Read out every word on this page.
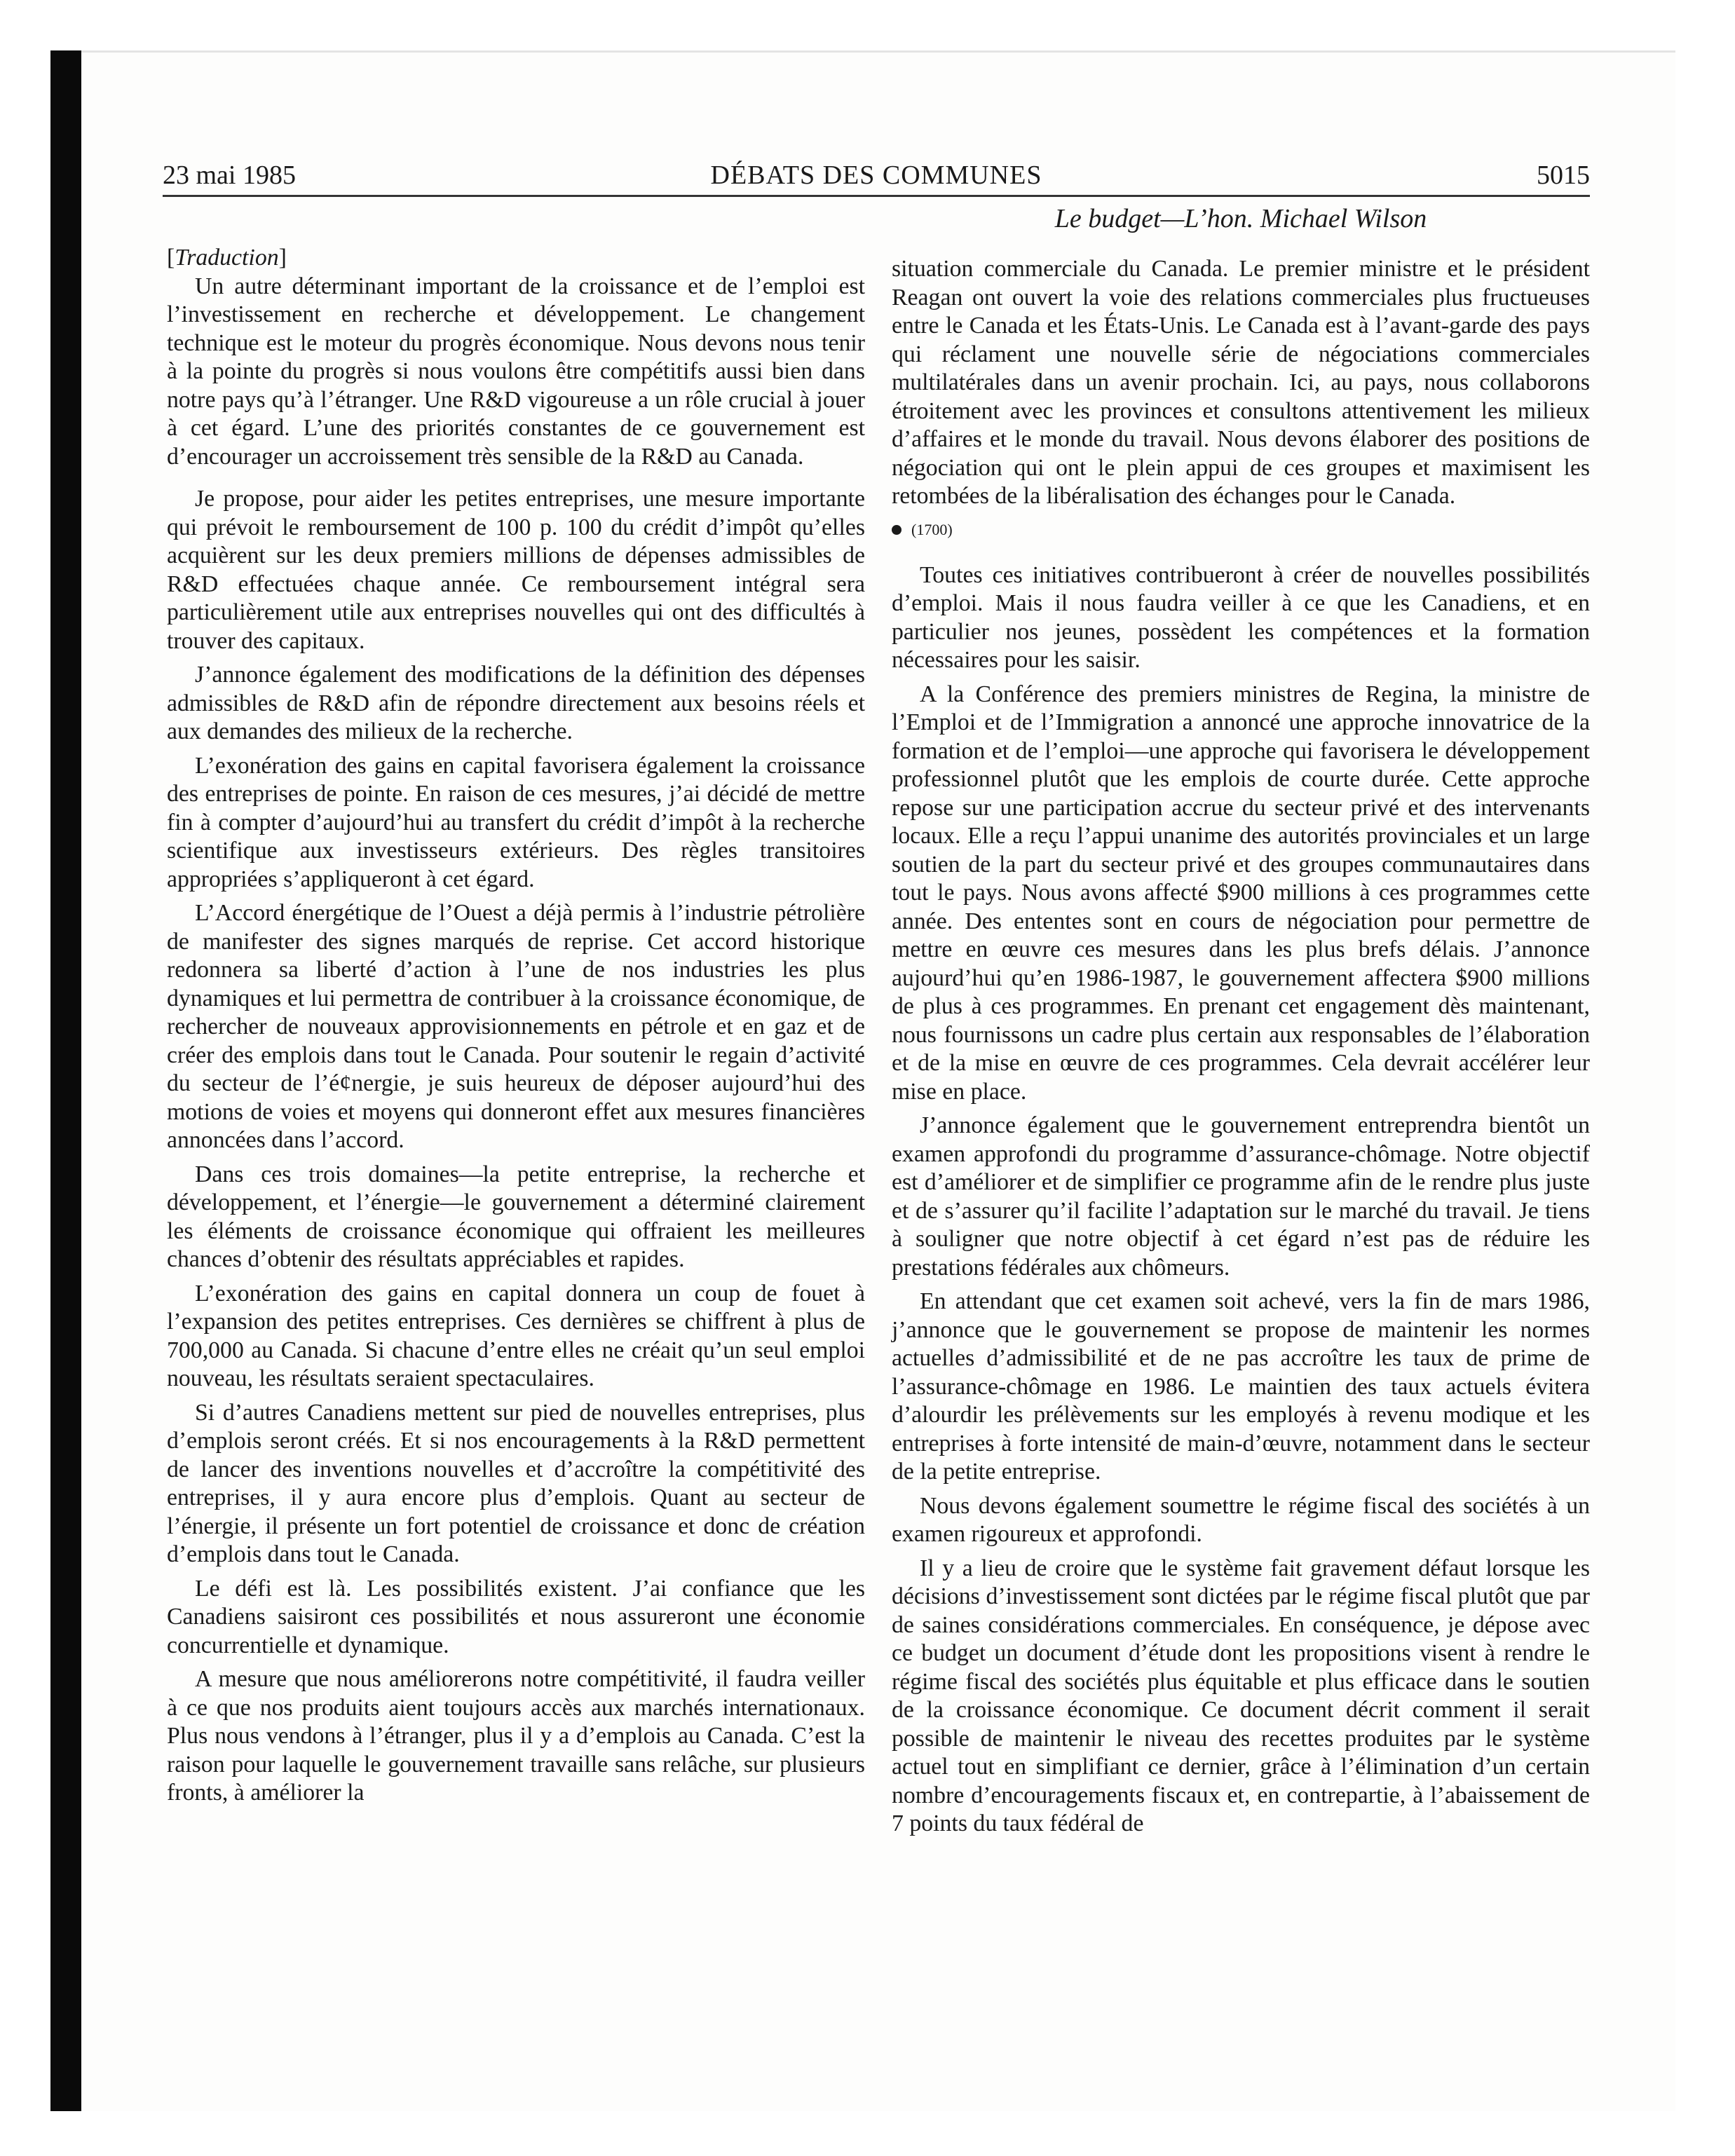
23 mai 1985	DÉBATS DES COMMUNES	5015
Le budget—L’hon. Michael Wilson

[Traduction]

Un autre déterminant important de la croissance et de l’emploi est l’investissement en recherche et développement. Le changement technique est le moteur du progrès économique. Nous devons nous tenir à la pointe du progrès si nous voulons être compétitifs aussi bien dans notre pays qu’à l’étranger. Une R&D vigoureuse a un rôle crucial à jouer à cet égard. L’une des priorités constantes de ce gouvernement est d’encourager un accroissement très sensible de la R&D au Canada.

Je propose, pour aider les petites entreprises, une mesure importante qui prévoit le remboursement de 100 p. 100 du crédit d’impôt qu’elles acquièrent sur les deux premiers millions de dépenses admissibles de R&D effectuées chaque année. Ce remboursement intégral sera particulièrement utile aux entreprises nouvelles qui ont des difficultés à trouver des capitaux.

J’annonce également des modifications de la définition des dépenses admissibles de R&D afin de répondre directement aux besoins réels et aux demandes des milieux de la recherche.

L’exonération des gains en capital favorisera également la croissance des entreprises de pointe. En raison de ces mesures, j’ai décidé de mettre fin à compter d’aujourd’hui au transfert du crédit d’impôt à la recherche scientifique aux investisseurs extérieurs. Des règles transitoires appropriées s’appliqueront à cet égard.

L’Accord énergétique de l’Ouest a déjà permis à l’industrie pétrolière de manifester des signes marqués de reprise. Cet accord historique redonnera sa liberté d’action à l’une de nos industries les plus dynamiques et lui permettra de contribuer à la croissance économique, de rechercher de nouveaux approvisionnements en pétrole et en gaz et de créer des emplois dans tout le Canada. Pour soutenir le regain d’activité du secteur de l’é¢nergie, je suis heureux de déposer aujourd’hui des motions de voies et moyens qui donneront effet aux mesures financières annoncées dans l’accord.

Dans ces trois domaines—la petite entreprise, la recherche et développement, et l’énergie—le gouvernement a déterminé clairement les éléments de croissance économique qui offraient les meilleures chances d’obtenir des résultats appréciables et rapides.

L’exonération des gains en capital donnera un coup de fouet à l’expansion des petites entreprises. Ces dernières se chiffrent à plus de 700,000 au Canada. Si chacune d’entre elles ne créait qu’un seul emploi nouveau, les résultats seraient spectaculaires.

Si d’autres Canadiens mettent sur pied de nouvelles entreprises, plus d’emplois seront créés. Et si nos encouragements à la R&D permettent de lancer des inventions nouvelles et d’accroître la compétitivité des entreprises, il y aura encore plus d’emplois. Quant au secteur de l’énergie, il présente un fort potentiel de croissance et donc de création d’emplois dans tout le Canada.

Le défi est là. Les possibilités existent. J’ai confiance que les Canadiens saisiront ces possibilités et nous assureront une économie concurrentielle et dynamique.

A mesure que nous améliorerons notre compétitivité, il faudra veiller à ce que nos produits aient toujours accès aux marchés internationaux. Plus nous vendons à l’étranger, plus il y a d’emplois au Canada. C’est la raison pour laquelle le gouvernement travaille sans relâche, sur plusieurs fronts, à améliorer la

situation commerciale du Canada. Le premier ministre et le président Reagan ont ouvert la voie des relations commerciales plus fructueuses entre le Canada et les États-Unis. Le Canada est à l’avant-garde des pays qui réclament une nouvelle série de négociations commerciales multilatérales dans un avenir prochain. Ici, au pays, nous collaborons étroitement avec les provinces et consultons attentivement les milieux d’affaires et le monde du travail. Nous devons élaborer des positions de négociation qui ont le plein appui de ces groupes et maximisent les retombées de la libéralisation des échanges pour le Canada.

(1700)

Toutes ces initiatives contribueront à créer de nouvelles possibilités d’emploi. Mais il nous faudra veiller à ce que les Canadiens, et en particulier nos jeunes, possèdent les compétences et la formation nécessaires pour les saisir.

A la Conférence des premiers ministres de Regina, la ministre de l’Emploi et de l’Immigration a annoncé une approche innovatrice de la formation et de l’emploi—une approche qui favorisera le développement professionnel plutôt que les emplois de courte durée. Cette approche repose sur une participation accrue du secteur privé et des intervenants locaux. Elle a reçu l’appui unanime des autorités provinciales et un large soutien de la part du secteur privé et des groupes communautaires dans tout le pays. Nous avons affecté $900 millions à ces programmes cette année. Des ententes sont en cours de négociation pour permettre de mettre en œuvre ces mesures dans les plus brefs délais. J’annonce aujourd’hui qu’en 1986-1987, le gouvernement affectera $900 millions de plus à ces programmes. En prenant cet engagement dès maintenant, nous fournissons un cadre plus certain aux responsables de l’élaboration et de la mise en œuvre de ces programmes. Cela devrait accélérer leur mise en place.

J’annonce également que le gouvernement entreprendra bientôt un examen approfondi du programme d’assurance-chômage. Notre objectif est d’améliorer et de simplifier ce programme afin de le rendre plus juste et de s’assurer qu’il facilite l’adaptation sur le marché du travail. Je tiens à souligner que notre objectif à cet égard n’est pas de réduire les prestations fédérales aux chômeurs.

En attendant que cet examen soit achevé, vers la fin de mars 1986, j’annonce que le gouvernement se propose de maintenir les normes actuelles d’admissibilité et de ne pas accroître les taux de prime de l’assurance-chômage en 1986. Le maintien des taux actuels évitera d’alourdir les prélèvements sur les employés à revenu modique et les entreprises à forte intensité de main-d’œuvre, notamment dans le secteur de la petite entreprise.

Nous devons également soumettre le régime fiscal des sociétés à un examen rigoureux et approfondi.

Il y a lieu de croire que le système fait gravement défaut lorsque les décisions d’investissement sont dictées par le régime fiscal plutôt que par de saines considérations commerciales. En conséquence, je dépose avec ce budget un document d’étude dont les propositions visent à rendre le régime fiscal des sociétés plus équitable et plus efficace dans le soutien de la croissance économique. Ce document décrit comment il serait possible de maintenir le niveau des recettes produites par le système actuel tout en simplifiant ce dernier, grâce à l’élimination d’un certain nombre d’encouragements fiscaux et, en contrepartie, à l’abaissement de 7 points du taux fédéral de
